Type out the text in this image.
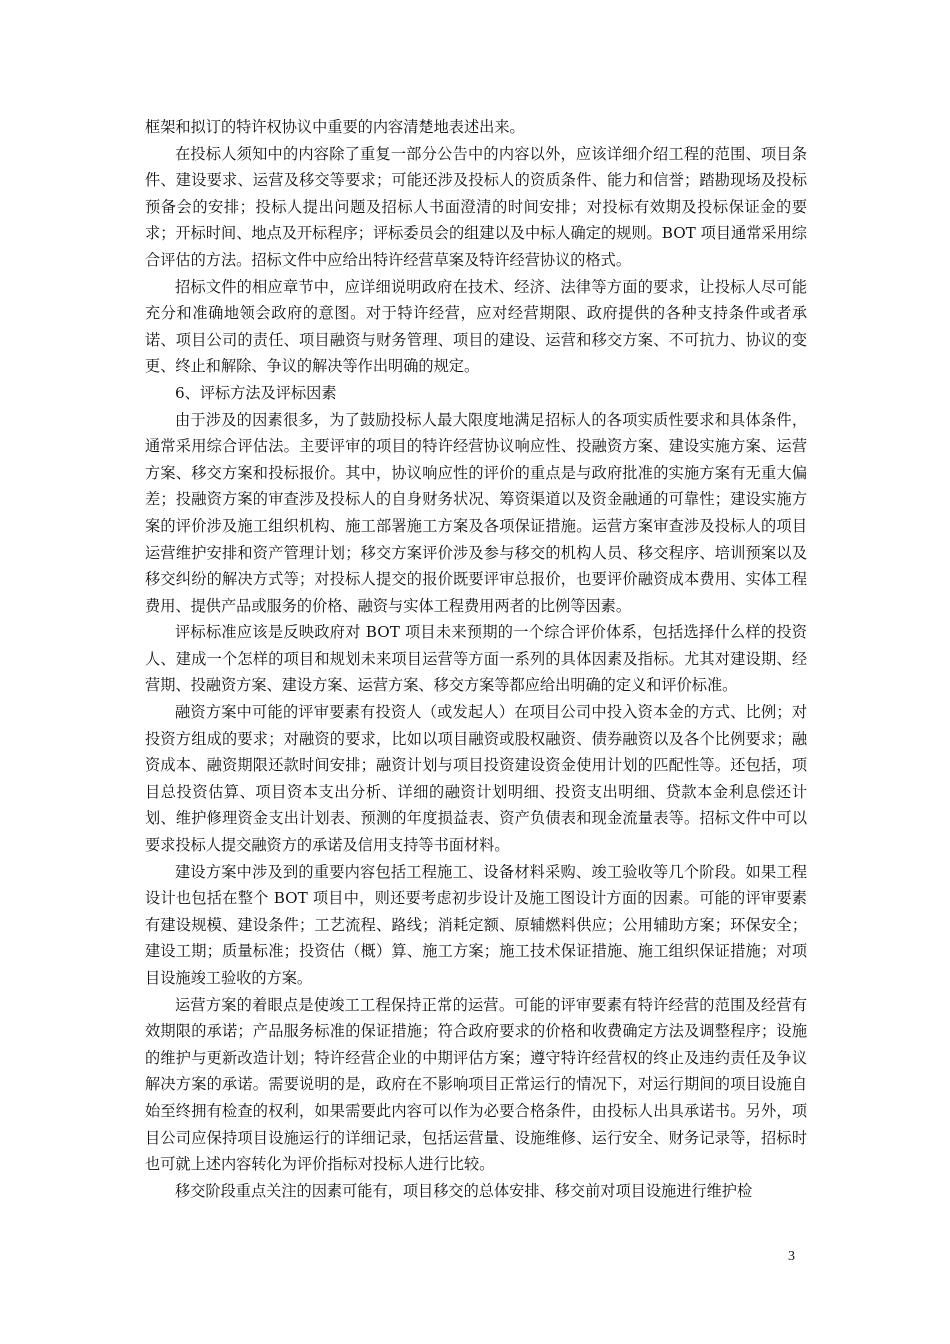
框架和拟订的特许权协议中重要的内容清楚地表述出来。

在投标人须知中的内容除了重复一部分公告中的内容以外，应该详细介绍工程的范围、项目条件、建设要求、运营及移交等要求；可能还涉及投标人的资质条件、能力和信誉；踏勘现场及投标预备会的安排；投标人提出问题及招标人书面澄清的时间安排；对投标有效期及投标保证金的要求；开标时间、地点及开标程序；评标委员会的组建以及中标人确定的规则。BOT 项目通常采用综合评估的方法。招标文件中应给出特许经营草案及特许经营协议的格式。

招标文件的相应章节中，应详细说明政府在技术、经济、法律等方面的要求，让投标人尽可能充分和准确地领会政府的意图。对于特许经营，应对经营期限、政府提供的各种支持条件或者承诺、项目公司的责任、项目融资与财务管理、项目的建设、运营和移交方案、不可抗力、协议的变更、终止和解除、争议的解决等作出明确的规定。

6、评标方法及评标因素

由于涉及的因素很多，为了鼓励投标人最大限度地满足招标人的各项实质性要求和具体条件，通常采用综合评估法。主要评审的项目的特许经营协议响应性、投融资方案、建设实施方案、运营方案、移交方案和投标报价。其中，协议响应性的评价的重点是与政府批准的实施方案有无重大偏差；投融资方案的审查涉及投标人的自身财务状况、筹资渠道以及资金融通的可靠性；建设实施方案的评价涉及施工组织机构、施工部署施工方案及各项保证措施。运营方案审查涉及投标人的项目运营维护安排和资产管理计划；移交方案评价涉及参与移交的机构人员、移交程序、培训预案以及移交纠纷的解决方式等；对投标人提交的报价既要评审总报价，也要评价融资成本费用、实体工程费用、提供产品或服务的价格、融资与实体工程费用两者的比例等因素。

评标标准应该是反映政府对 BOT 项目未来预期的一个综合评价体系，包括选择什么样的投资人、建成一个怎样的项目和规划未来项目运营等方面一系列的具体因素及指标。尤其对建设期、经营期、投融资方案、建设方案、运营方案、移交方案等都应给出明确的定义和评价标准。

融资方案中可能的评审要素有投资人（或发起人）在项目公司中投入资本金的方式、比例；对投资方组成的要求；对融资的要求，比如以项目融资或股权融资、债券融资以及各个比例要求；融资成本、融资期限还款时间安排；融资计划与项目投资建设资金使用计划的匹配性等。还包括，项目总投资估算、项目资本支出分析、详细的融资计划明细、投资支出明细、贷款本金利息偿还计划、维护修理资金支出计划表、预测的年度损益表、资产负债表和现金流量表等。招标文件中可以要求投标人提交融资方的承诺及信用支持等书面材料。

建设方案中涉及到的重要内容包括工程施工、设备材料采购、竣工验收等几个阶段。如果工程设计也包括在整个 BOT 项目中，则还要考虑初步设计及施工图设计方面的因素。可能的评审要素有建设规模、建设条件；工艺流程、路线；消耗定额、原辅燃料供应；公用辅助方案；环保安全；建设工期；质量标准；投资估（概）算、施工方案；施工技术保证措施、施工组织保证措施；对项目设施竣工验收的方案。

运营方案的着眼点是使竣工工程保持正常的运营。可能的评审要素有特许经营的范围及经营有效期限的承诺；产品服务标准的保证措施；符合政府要求的价格和收费确定方法及调整程序；设施的维护与更新改造计划；特许经营企业的中期评估方案；遵守特许经营权的终止及违约责任及争议解决方案的承诺。需要说明的是，政府在不影响项目正常运行的情况下，对运行期间的项目设施自始至终拥有检查的权利，如果需要此内容可以作为必要合格条件，由投标人出具承诺书。另外，项目公司应保持项目设施运行的详细记录，包括运营量、设施维修、运行安全、财务记录等，招标时也可就上述内容转化为评价指标对投标人进行比较。

移交阶段重点关注的因素可能有，项目移交的总体安排、移交前对项目设施进行维护检

3
